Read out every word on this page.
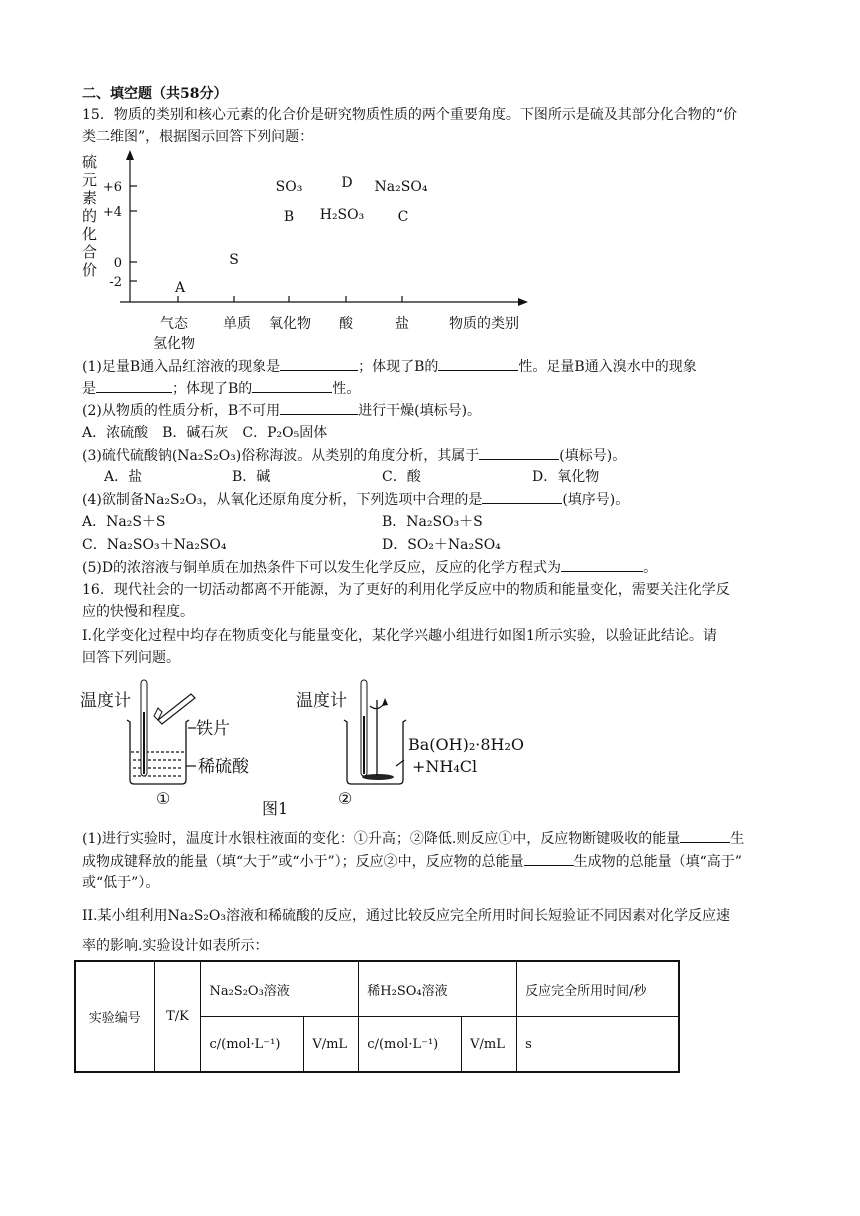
二、填空题（共58分）
15．物质的类别和核心元素的化合价是研究物质性质的两个重要角度。下图所示是硫及其部分化合物的“价
类二维图”，根据图示回答下列问题：
硫
元
素
的
化
合
价
+6
+4
0
-2
气态
氢化物
单质 氧化物 酸	盐	物质的类别
A
S
SO₃
B
D
H₂SO₃
Na₂SO₄
C
(1)足量B通入品红溶液的现象是	；体现了B的	性。足量B通入溴水中的现象
是	；体现了B的	性。
(2)从物质的性质分析，B不可用	进行干燥(填标号)。
A．浓硫酸　B．碱石灰　C．P₂O₅固体
(3)硫代硫酸钠(Na₂S₂O₃)俗称海波。从类别的角度分析，其属于	(填标号)。
A．盐	B．碱	C．酸	D．氧化物
(4)欲制备Na₂S₂O₃，从氧化还原角度分析，下列选项中合理的是	(填序号)。
A．Na₂S＋S	B．Na₂SO₃＋S
C．Na₂SO₃＋Na₂SO₄	D．SO₂＋Na₂SO₄
(5)D的浓溶液与铜单质在加热条件下可以发生化学反应，反应的化学方程式为	。
16．现代社会的一切活动都离不开能源，为了更好的利用化学反应中的物质和能量变化，需要关注化学反
应的快慢和程度。
I.化学变化过程中均存在物质变化与能量变化，某化学兴趣小组进行如图1所示实验，以验证此结论。请
回答下列问题。
温度计
铁片
稀硫酸
温度计
①
Ba(OH)₂·8H₂O
+NH₄Cl
②
图1
(1)进行实验时，温度计水银柱液面的变化：①升高；②降低.则反应①中，反应物断键吸收的能量	生
成物成键释放的能量（填“大于”或“小于”）；反应②中，反应物的总能量	生成物的总能量（填“高于”
或“低于”）。
II.某小组利用Na₂S₂O₃溶液和稀硫酸的反应，通过比较反应完全所用时间长短验证不同因素对化学反应速
率的影响.实验设计如表所示：
实验编号	T/K	Na₂S₂O₃溶液		稀H₂SO₄溶液		反应完全所用时间/秒
		c/(mol·L⁻¹)	V/mL	c/(mol·L⁻¹)	V/mL	s
